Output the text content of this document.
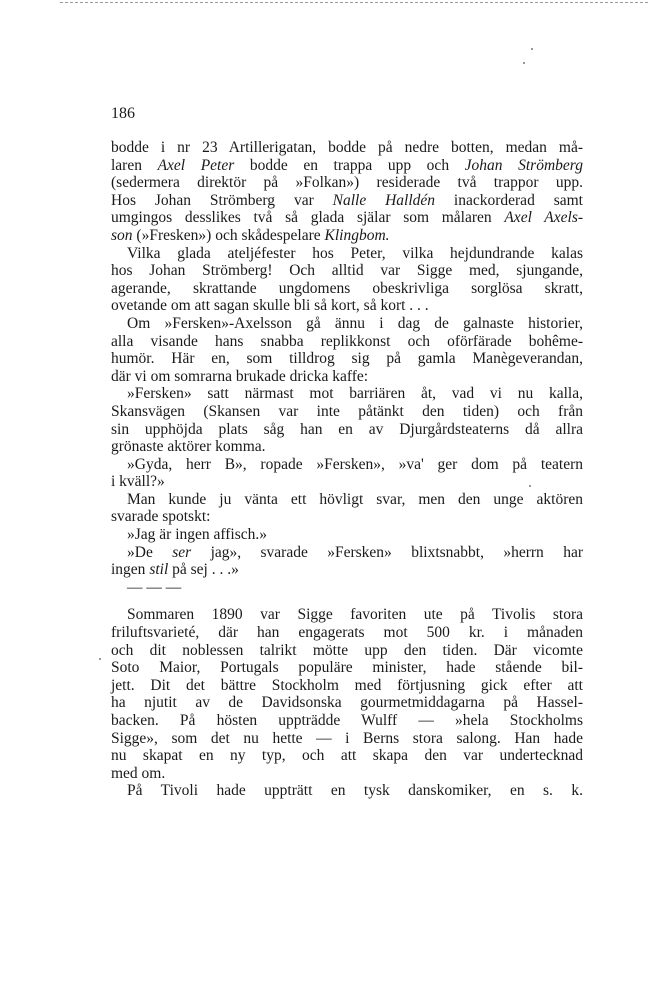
186
bodde i nr 23 Artillerigatan, bodde på nedre botten, medan må-
laren Axel Peter bodde en trappa upp och Johan Strömberg
(sedermera direktör på »Folkan») residerade två trappor upp.
Hos Johan Strömberg var Nalle Halldén inackorderad samt
umgingos desslikes två så glada själar som målaren Axel Axels-
son (»Fresken») och skådespelare Klingbom.
Vilka glada ateljéfester hos Peter, vilka hejdundrande kalas
hos Johan Strömberg! Och alltid var Sigge med, sjungande,
agerande, skrattande ungdomens obeskrivliga sorglösa skratt,
ovetande om att sagan skulle bli så kort, så kort . . .
Om »Fersken»-Axelsson gå ännu i dag de galnaste historier,
alla visande hans snabba replikkonst och oförfärade bohême-
humör. Här en, som tilldrog sig på gamla Manègeverandan,
där vi om somrarna brukade dricka kaffe:
»Fersken» satt närmast mot barriären åt, vad vi nu kalla,
Skansvägen (Skansen var inte påtänkt den tiden) och från
sin upphöjda plats såg han en av Djurgårdsteaterns då allra
grönaste aktörer komma.
»Gyda, herr B», ropade »Fersken», »va' ger dom på teatern
i kväll?»
Man kunde ju vänta ett hövligt svar, men den unge aktören
svarade spotskt:
»Jag är ingen affisch.»
»De ser jag», svarade »Fersken» blixtsnabbt, »herrn har
ingen stil på sej . . .»
— — —
Sommaren 1890 var Sigge favoriten ute på Tivolis stora
friluftsvarieté, där han engagerats mot 500 kr. i månaden
och dit noblessen talrikt mötte upp den tiden. Där vicomte
Soto Maior, Portugals populäre minister, hade stående bil-
jett. Dit det bättre Stockholm med förtjusning gick efter att
ha njutit av de Davidsonska gourmetmiddagarna på Hassel-
backen. På hösten uppträdde Wulff — »hela Stockholms
Sigge», som det nu hette — i Berns stora salong. Han hade
nu skapat en ny typ, och att skapa den var undertecknad
med om.
På Tivoli hade uppträtt en tysk danskomiker, en s. k.
